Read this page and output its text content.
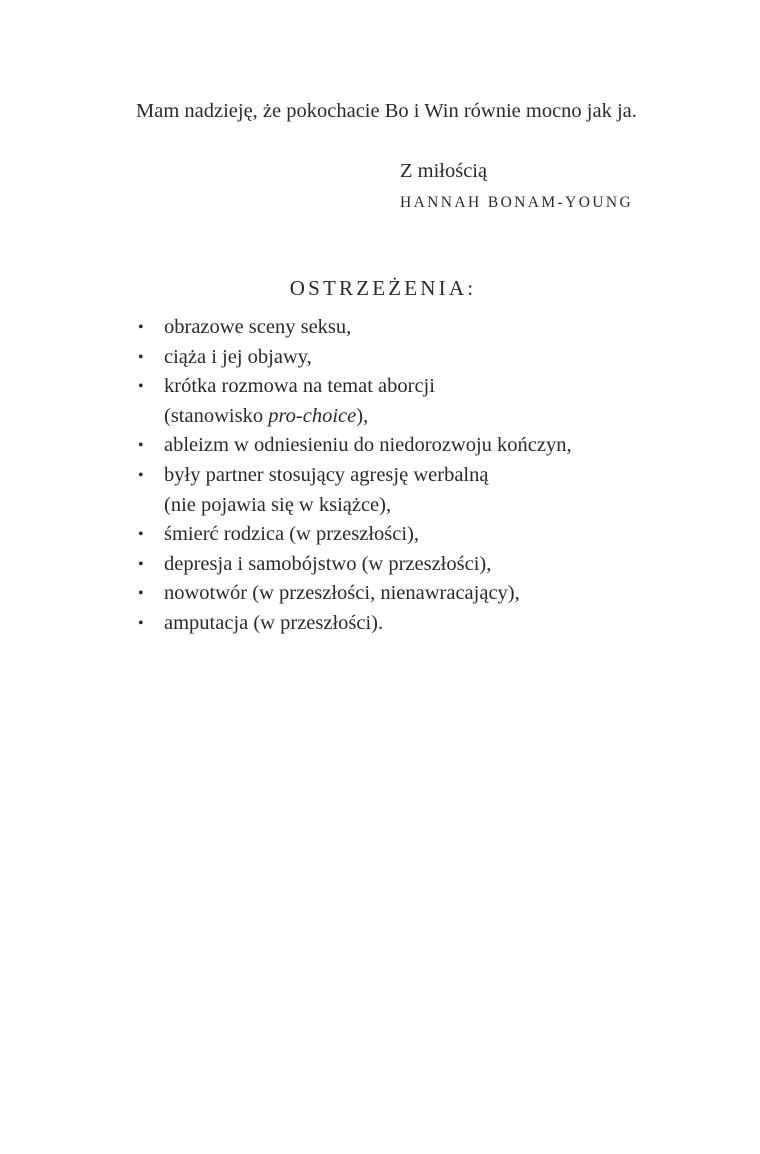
Mam nadzieję, że pokochacie Bo i Win równie mocno jak ja.

Z miłością

HANNAH BONAM-YOUNG

OSTRZEŻENIA:
• obrazowe sceny seksu,
• ciąża i jej objawy,
• krótka rozmowa na temat aborcji
(stanowisko pro-choice),
• ableizm w odniesieniu do niedorozwoju kończyn,
• były partner stosujący agresję werbalną
(nie pojawia się w książce),
• śmierć rodzica (w przeszłości),
• depresja i samobójstwo (w przeszłości),
• nowotwór (w przeszłości, nienawracający),
• amputacja (w przeszłości).
